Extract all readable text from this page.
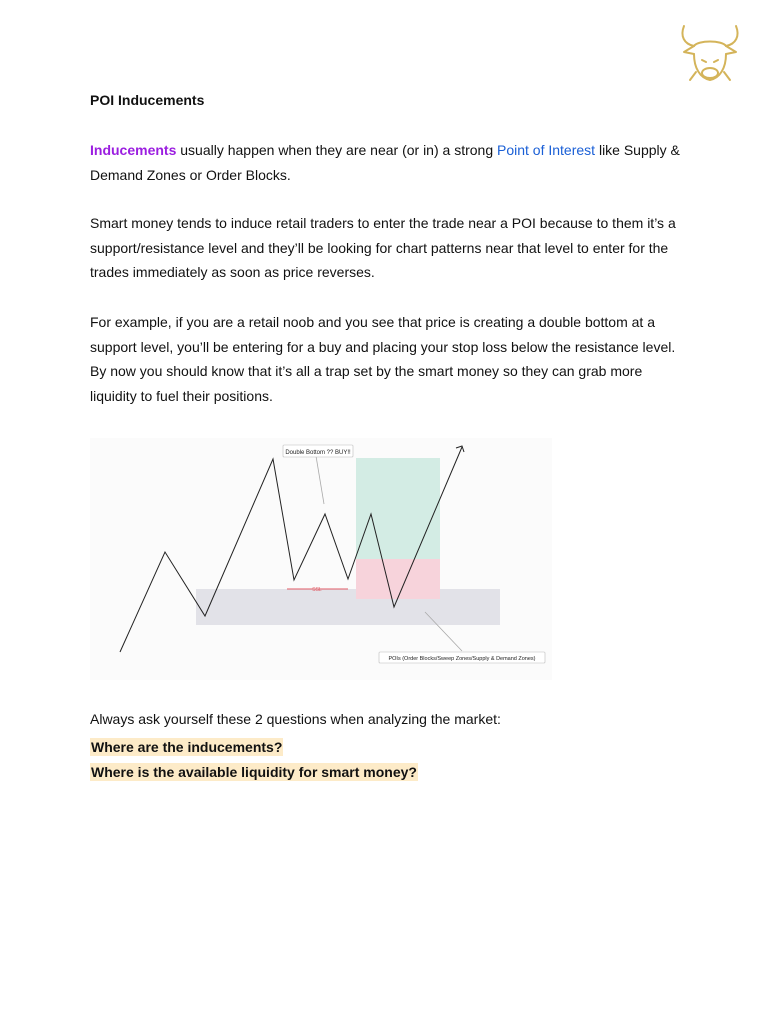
POI Inducements
Inducements usually happen when they are near (or in) a strong Point of Interest like Supply & Demand Zones or Order Blocks.
Smart money tends to induce retail traders to enter the trade near a POI because to them it’s a support/resistance level and they’ll be looking for chart patterns near that level to enter for the trades immediately as soon as price reverses.
For example, if you are a retail noob and you see that price is creating a double bottom at a support level, you’ll be entering for a buy and placing your stop loss below the resistance level. By now you should know that it’s all a trap set by the smart money so they can grab more liquidity to fuel their positions.
SSL
Double Bottom ?? BUY!!
POIs (Order Blocks/Sweep Zones/Supply & Demand Zones)
Always ask yourself these 2 questions when analyzing the market:
Where are the inducements?
Where is the available liquidity for smart money?
